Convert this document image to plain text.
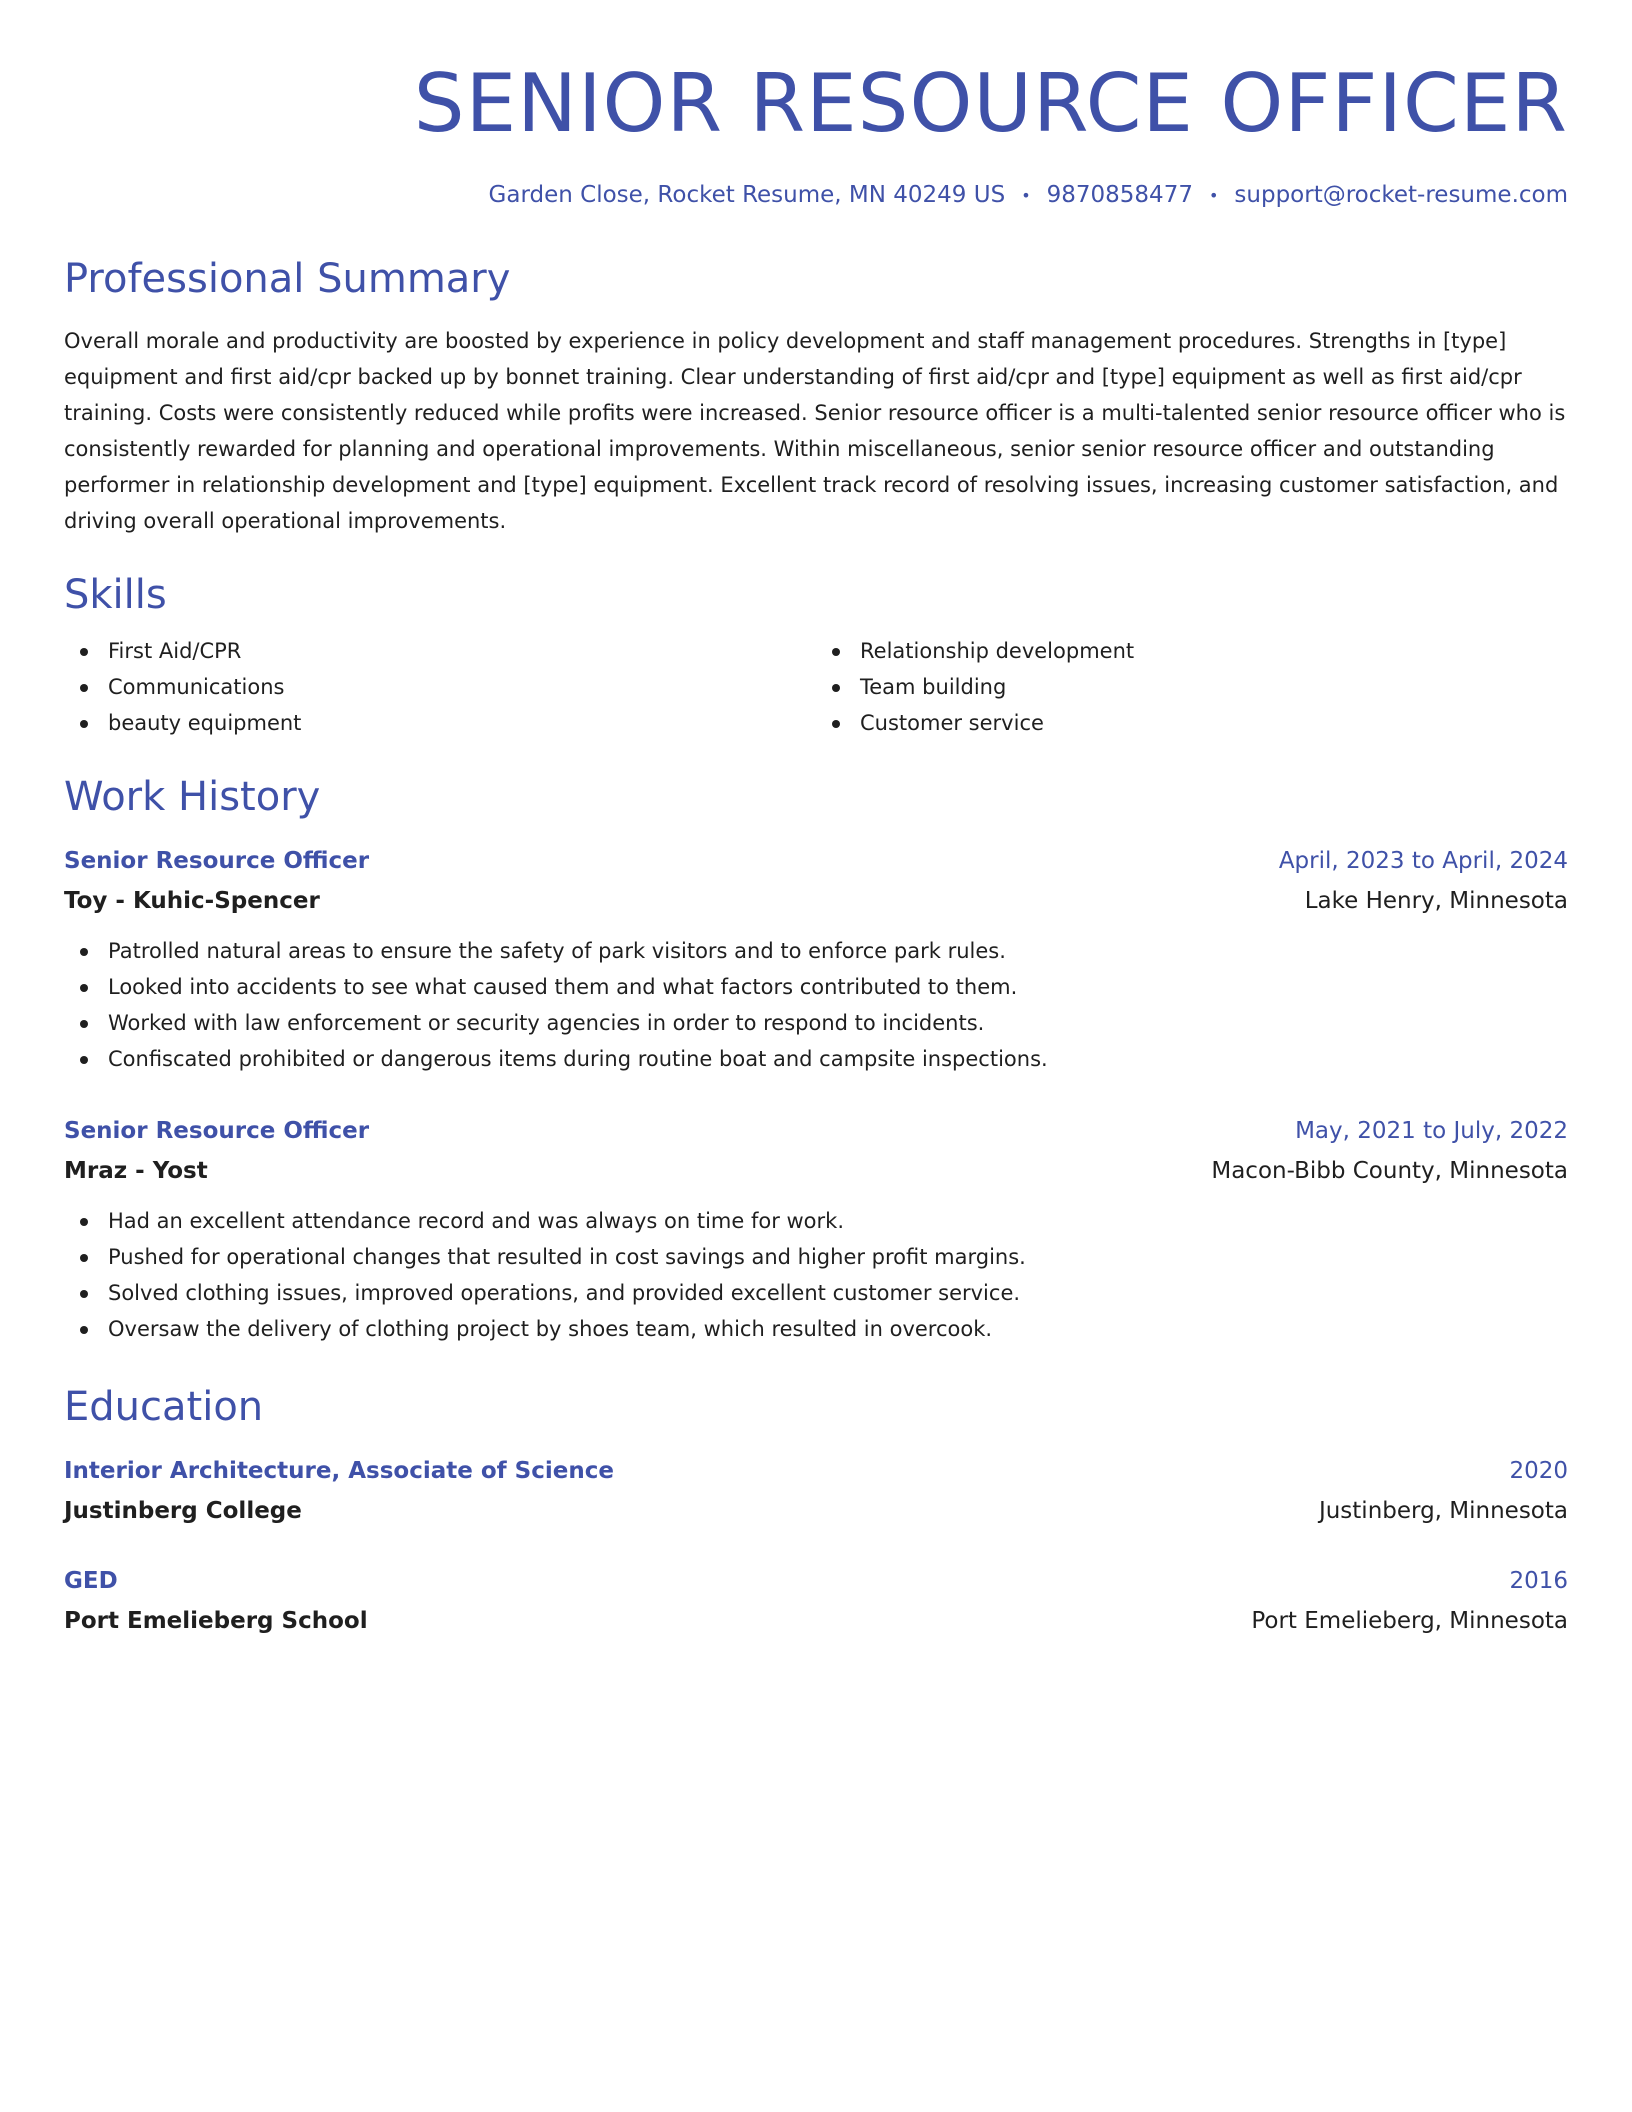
SENIOR RESOURCE OFFICER
Garden Close, Rocket Resume, MN 40249 US • 9870858477 • support@rocket-resume.com
Professional Summary
Overall morale and productivity are boosted by experience in policy development and staff management procedures. Strengths in [type] equipment and first aid/cpr backed up by bonnet training. Clear understanding of first aid/cpr and [type] equipment as well as first aid/cpr training. Costs were consistently reduced while profits were increased. Senior resource officer is a multi-talented senior resource officer who is consistently rewarded for planning and operational improvements. Within miscellaneous, senior senior resource officer and outstanding performer in relationship development and [type] equipment. Excellent track record of resolving issues, increasing customer satisfaction, and driving overall operational improvements.
Skills
First Aid/CPR
Communications
beauty equipment
Relationship development
Team building
Customer service
Work History
Senior Resource Officer	April, 2023 to April, 2024
Toy - Kuhic-Spencer	Lake Henry, Minnesota
Patrolled natural areas to ensure the safety of park visitors and to enforce park rules.
Looked into accidents to see what caused them and what factors contributed to them.
Worked with law enforcement or security agencies in order to respond to incidents.
Confiscated prohibited or dangerous items during routine boat and campsite inspections.
Senior Resource Officer	May, 2021 to July, 2022
Mraz - Yost	Macon-Bibb County, Minnesota
Had an excellent attendance record and was always on time for work.
Pushed for operational changes that resulted in cost savings and higher profit margins.
Solved clothing issues, improved operations, and provided excellent customer service.
Oversaw the delivery of clothing project by shoes team, which resulted in overcook.
Education
Interior Architecture, Associate of Science	2020
Justinberg College	Justinberg, Minnesota
GED	2016
Port Emelieberg School	Port Emelieberg, Minnesota
